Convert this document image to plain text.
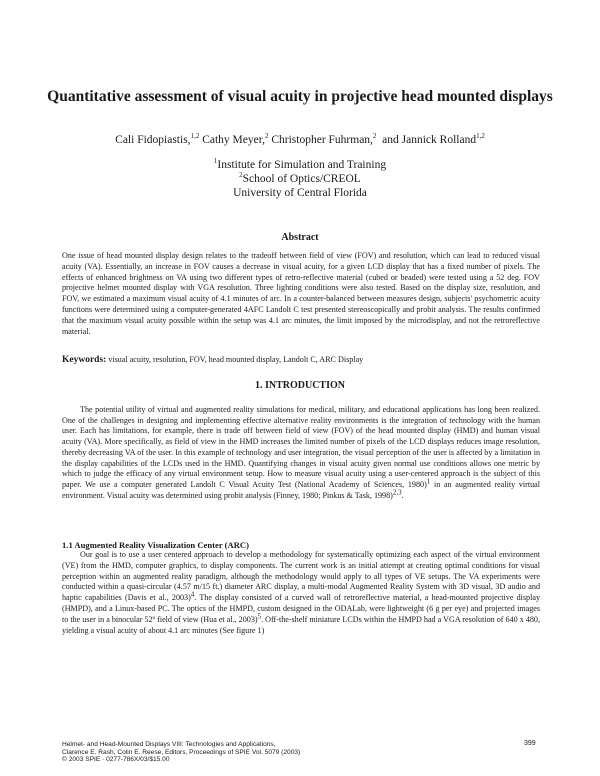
Quantitative assessment of visual acuity in projective head mounted displays

Cali Fidopiastis,$^{1,2}$ Cathy Meyer,$^2$ Christopher Fuhrman,$^2$ and Jannick Rolland$^{1,2}$

$^1$Institute for Simulation and Training
$^2$School of Optics/CREOL
University of Central Florida
Abstract

One issue of head mounted display design relates to the tradeoff between field of view (FOV) and resolution, which can lead to reduced visual acuity (VA). Essentially, an increase in FOV causes a decrease in visual acuity, for a given LCD display that has a fixed number of pixels. The effects of enhanced brightness on VA using two different types of retro-reflective material (cubed or beaded) were tested using a 52 deg. FOV projective helmet mounted display with VGA resolution. Three lighting conditions were also tested. Based on the display size, resolution, and FOV, we estimated a maximum visual acuity of 4.1 minutes of arc. In a counter-balanced between measures design, subjects' psychometric acuity functions were determined using a computer-generated 4AFC Landolt C test presented stereoscopically and probit analysis. The results confirmed that the maximum visual acuity possible within the setup was 4.1 arc minutes, the limit imposed by the microdisplay, and not the retroreflective material.

Keywords: visual acuity, resolution, FOV, head mounted display, Landolt C, ARC Display

1. INTRODUCTION

The potential utility of virtual and augmented reality simulations for medical, military, and educational applications has long been realized. One of the challenges in designing and implementing effective alternative reality environments is the integration of technology with the human user. Each has limitations, for example, there is trade off between field of view (FOV) of the head mounted display (HMD) and human visual acuity (VA). More specifically, as field of view in the HMD increases the limited number of pixels of the LCD displays reduces image resolution, thereby decreasing VA of the user. In this example of technology and user integration, the visual perception of the user is affected by a limitation in the display capabilities of the LCDs used in the HMD. Quantifying changes in visual acuity given normal use conditions allows one metric by which to judge the efficacy of any virtual environment setup. How to measure visual acuity using a user-centered approach is the subject of this paper. We use a computer generated Landolt C Visual Acuity Test (National Academy of Sciences, 1980)$^1$ in an augmented reality virtual environment. Visual acuity was determined using probit analysis (Finney, 1980; Pinkus & Task, 1998)$^{2,3}$.

1.1 Augmented Reality Visualization Center (ARC)

Our goal is to use a user centered approach to develop a methodology for systematically optimizing each aspect of the virtual environment (VE) from the HMD, computer graphics, to display components. The current work is an initial attempt at creating optimal conditions for visual perception within an augmented reality paradigm, although the methodology would apply to all types of VE setups. The VA experiments were conducted within a quasi-circular (4.57 m/15 ft.) diameter ARC display, a multi-modal Augmented Reality System with 3D visual, 3D audio and haptic capabilities (Davis et al., 2003)$^4$. The display consisted of a curved wall of retroreflective material, a head-mounted projective display (HMPD), and a Linux-based PC. The optics of the HMPD, custom designed in the ODALab, were lightweight (6 g per eye) and projected images to the user in a binocular 52º field of view (Hua et al., 2003)$^5$. Off-the-shelf miniature LCDs within the HMPD had a VGA resolution of 640 x 480, yielding a visual acuity of about 4.1 arc minutes (See figure 1)

Helmet- and Head-Mounted Displays VIII: Technologies and Applications,
Clarence E. Rash, Colin E. Reese, Editors, Proceedings of SPIE Vol. 5079 (2003)
© 2003 SPIE · 0277-786X/03/$15.00
399
